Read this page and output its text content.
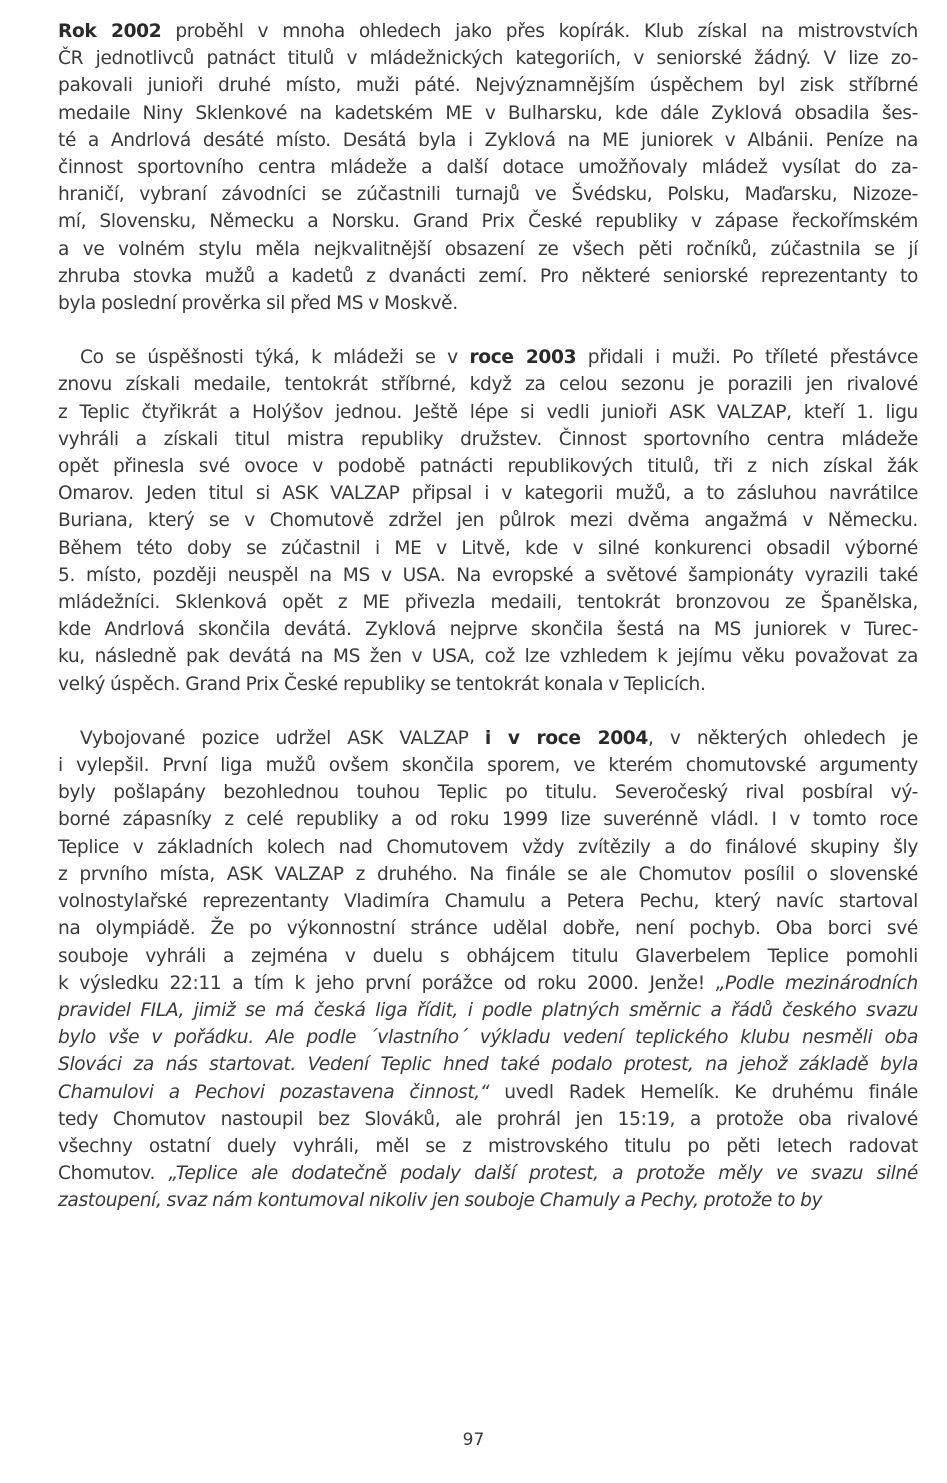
Rok 2002 proběhl v mnoha ohledech jako přes kopírák. Klub získal na mistrovstvích
ČR jednotlivců patnáct titulů v mládežnických kategoriích, v seniorské žádný. V lize zo-
pakovali junioři druhé místo, muži páté. Nejvýznamnějším úspěchem byl zisk stříbrné
medaile Niny Sklenkové na kadetském ME v Bulharsku, kde dále Zyklová obsadila šes-
té a Andrlová desáté místo. Desátá byla i Zyklová na ME juniorek v Albánii. Peníze na
činnost sportovního centra mládeže a další dotace umožňovaly mládež vysílat do za-
hraničí, vybraní závodníci se zúčastnili turnajů ve Švédsku, Polsku, Maďarsku, Nizoze-
mí, Slovensku, Německu a Norsku. Grand Prix České republiky v zápase řeckořímském
a ve volném stylu měla nejkvalitnější obsazení ze všech pěti ročníků, zúčastnila se jí
zhruba stovka mužů a kadetů z dvanácti zemí. Pro některé seniorské reprezentanty to
byla poslední prověrka sil před MS v Moskvě.
Co se úspěšnosti týká, k mládeži se v roce 2003 přidali i muži. Po tříleté přestávce
znovu získali medaile, tentokrát stříbrné, když za celou sezonu je porazili jen rivalové
z Teplic čtyřikrát a Holýšov jednou. Ještě lépe si vedli junioři ASK VALZAP, kteří 1. ligu
vyhráli a získali titul mistra republiky družstev. Činnost sportovního centra mládeže
opět přinesla své ovoce v podobě patnácti republikových titulů, tři z nich získal žák
Omarov. Jeden titul si ASK VALZAP připsal i v kategorii mužů, a to zásluhou navrátilce
Buriana, který se v Chomutově zdržel jen půlrok mezi dvěma angažmá v Německu.
Během této doby se zúčastnil i ME v Litvě, kde v silné konkurenci obsadil výborné
5. místo, později neuspěl na MS v USA. Na evropské a světové šampionáty vyrazili také
mládežníci. Sklenková opět z ME přivezla medaili, tentokrát bronzovou ze Španělska,
kde Andrlová skončila devátá. Zyklová nejprve skončila šestá na MS juniorek v Turec-
ku, následně pak devátá na MS žen v USA, což lze vzhledem k jejímu věku považovat za
velký úspěch. Grand Prix České republiky se tentokrát konala v Teplicích.
Vybojované pozice udržel ASK VALZAP i v roce 2004, v některých ohledech je
i vylepšil. První liga mužů ovšem skončila sporem, ve kterém chomutovské argumenty
byly pošlapány bezohlednou touhou Teplic po titulu. Severočeský rival posbíral vý-
borné zápasníky z celé republiky a od roku 1999 lize suverénně vládl. I v tomto roce
Teplice v základních kolech nad Chomutovem vždy zvítězily a do finálové skupiny šly
z prvního místa, ASK VALZAP z druhého. Na finále se ale Chomutov posílil o slovenské
volnostylařské reprezentanty Vladimíra Chamulu a Petera Pechu, který navíc startoval
na olympiádě. Že po výkonnostní stránce udělal dobře, není pochyb. Oba borci své
souboje vyhráli a zejména v duelu s obhájcem titulu Glaverbelem Teplice pomohli
k výsledku 22:11 a tím k jeho první porážce od roku 2000. Jenže! „Podle mezinárodních
pravidel FILA, jimiž se má česká liga řídit, i podle platných směrnic a řádů českého svazu
bylo vše v pořádku. Ale podle ´vlastního´ výkladu vedení teplického klubu nesměli oba
Slováci za nás startovat. Vedení Teplic hned také podalo protest, na jehož základě byla
Chamulovi a Pechovi pozastavena činnost,“ uvedl Radek Hemelík. Ke druhému finále
tedy Chomutov nastoupil bez Slováků, ale prohrál jen 15:19, a protože oba rivalové
všechny ostatní duely vyhráli, měl se z mistrovského titulu po pěti letech radovat
Chomutov. „Teplice ale dodatečně podaly další protest, a protože měly ve svazu silné
zastoupení, svaz nám kontumoval nikoliv jen souboje Chamuly a Pechy, protože to by
97
